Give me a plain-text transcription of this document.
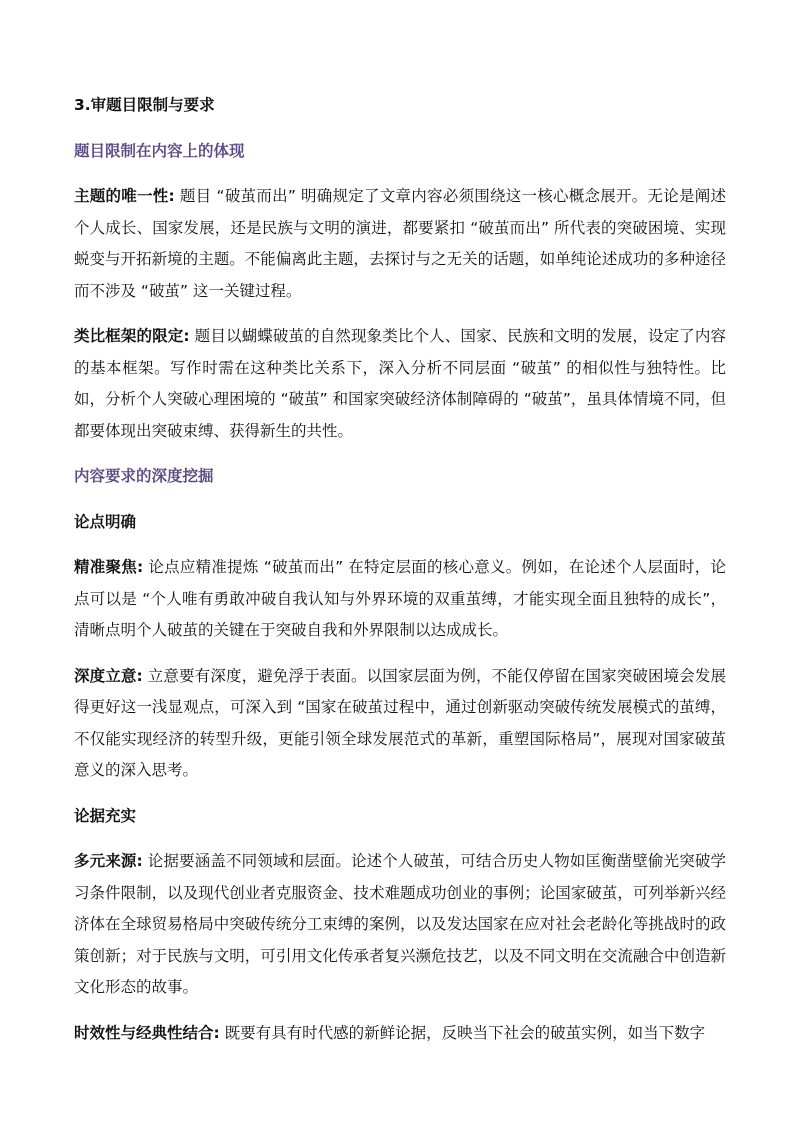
3.审题目限制与要求
题目限制在内容上的体现

主题的唯一性: 题目 “破茧而出” 明确规定了文章内容必须围绕这一核心概念展开。无论是阐述个人成长、国家发展，还是民族与文明的演进，都要紧扣 “破茧而出” 所代表的突破困境、实现蜕变与开拓新境的主题。不能偏离此主题，去探讨与之无关的话题，如单纯论述成功的多种途径而不涉及 “破茧” 这一关键过程。

类比框架的限定: 题目以蝴蝶破茧的自然现象类比个人、国家、民族和文明的发展，设定了内容的基本框架。写作时需在这种类比关系下，深入分析不同层面 “破茧” 的相似性与独特性。比如，分析个人突破心理困境的 “破茧” 和国家突破经济体制障碍的 “破茧”，虽具体情境不同，但都要体现出突破束缚、获得新生的共性。

内容要求的深度挖掘
论点明确

精准聚焦: 论点应精准提炼 “破茧而出” 在特定层面的核心意义。例如，在论述个人层面时，论点可以是 “个人唯有勇敢冲破自我认知与外界环境的双重茧缚，才能实现全面且独特的成长”，清晰点明个人破茧的关键在于突破自我和外界限制以达成成长。

深度立意: 立意要有深度，避免浮于表面。以国家层面为例，不能仅停留在国家突破困境会发展得更好这一浅显观点，可深入到 “国家在破茧过程中，通过创新驱动突破传统发展模式的茧缚，不仅能实现经济的转型升级，更能引领全球发展范式的革新，重塑国际格局”，展现对国家破茧意义的深入思考。

论据充实

多元来源: 论据要涵盖不同领域和层面。论述个人破茧，可结合历史人物如匡衡凿壁偷光突破学习条件限制，以及现代创业者克服资金、技术难题成功创业的事例；论国家破茧，可列举新兴经济体在全球贸易格局中突破传统分工束缚的案例，以及发达国家在应对社会老龄化等挑战时的政策创新；对于民族与文明，可引用文化传承者复兴濒危技艺，以及不同文明在交流融合中创造新文化形态的故事。

时效性与经典性结合: 既要有具有时代感的新鲜论据，反映当下社会的破茧实例，如当下数字
